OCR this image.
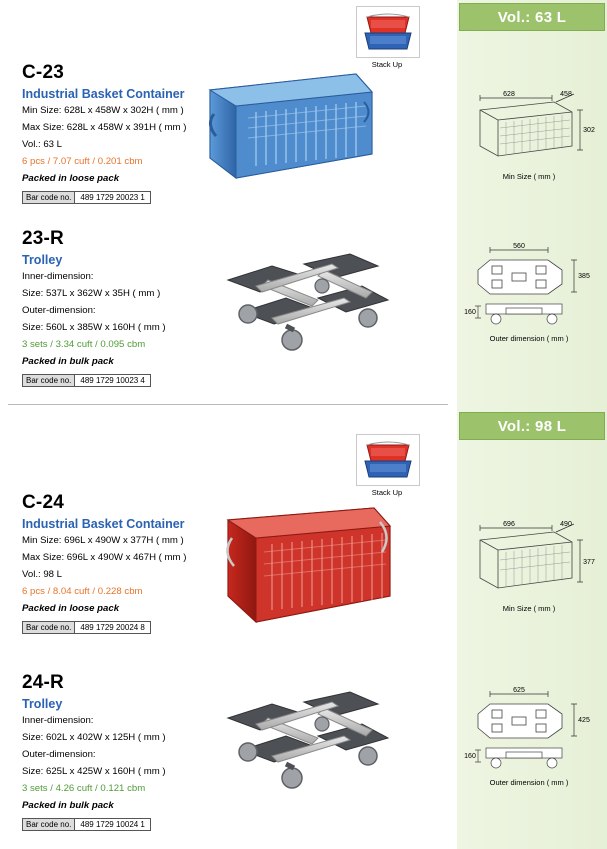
Vol.: 63 L
Vol.: 98 L
Stack Up
C-23
Industrial Basket Container
Min Size: 628L x 458W x 302H ( mm )
Max Size: 628L x 458W x 391H ( mm )
Vol.: 63 L
6 pcs / 7.07 cuft / 0.201 cbm
Packed in loose pack
Bar code no.	489 1729 20023 1
628	458
302
Min Size ( mm )
23-R
Trolley
Inner-dimension:
Size: 537L x 362W x 35H ( mm )
Outer-dimension:
Size: 560L x 385W x 160H ( mm )
3 sets / 3.34 cuft / 0.095 cbm
Packed in bulk pack
Bar code no.	489 1729 10023 4
560
385
160
Outer dimension ( mm )
Stack Up
C-24
Industrial Basket Container
Min Size: 696L x 490W x 377H ( mm )
Max Size: 696L x 490W x 467H ( mm )
Vol.: 98 L
6 pcs / 8.04 cuft / 0.228 cbm
Packed in loose pack
Bar code no.	489 1729 20024 8
696	490
377
Min Size ( mm )
24-R
Trolley
Inner-dimension:
Size: 602L x 402W x 125H ( mm )
Outer-dimension:
Size: 625L x 425W x 160H ( mm )
3 sets / 4.26 cuft / 0.121 cbm
Packed in bulk pack
Bar code no.	489 1729 10024 1
625
425
160
Outer dimension ( mm )
